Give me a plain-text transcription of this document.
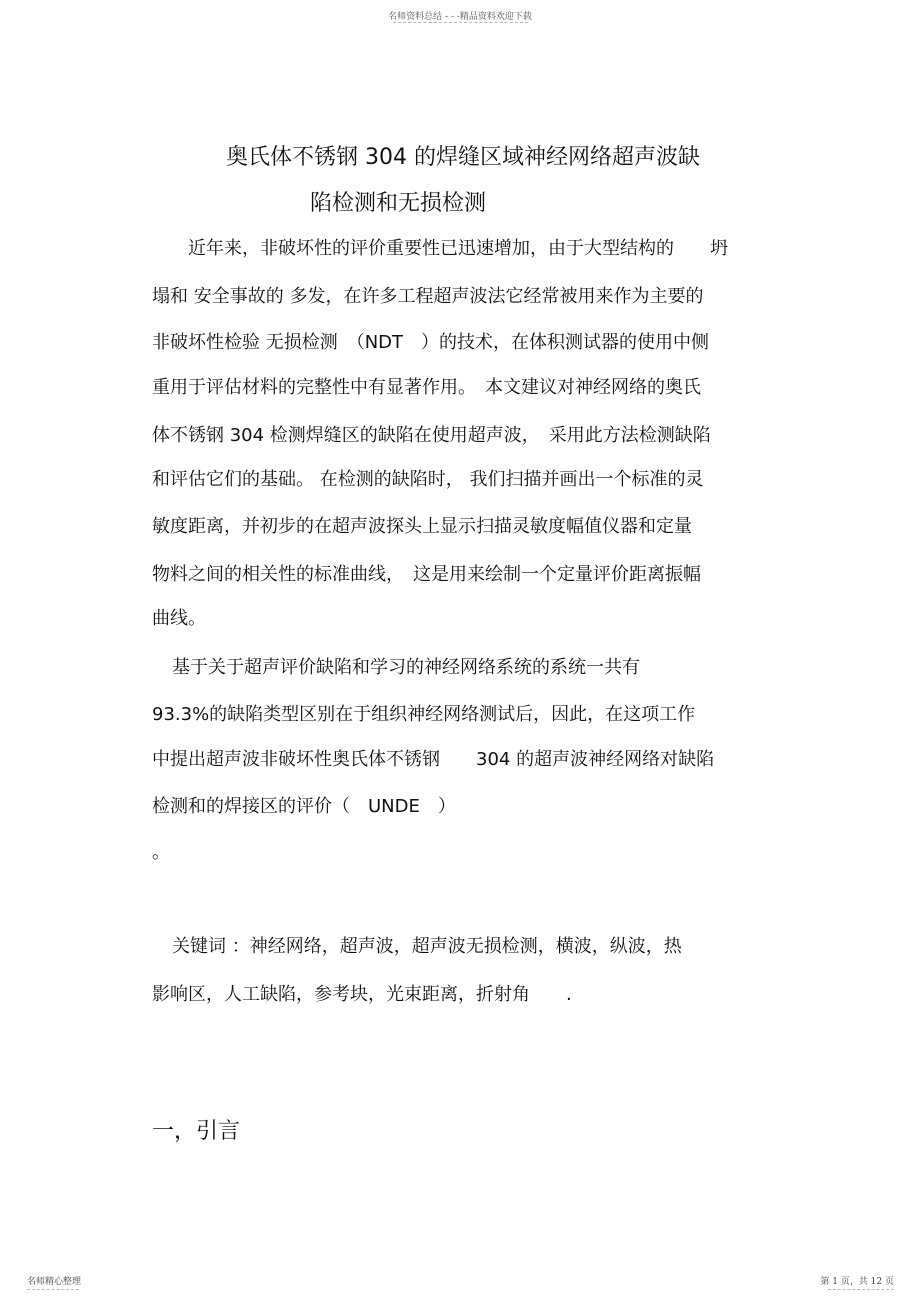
名师资料总结 - - -精品资料欢迎下载
奥氏体不锈钢 304 的焊缝区域神经网络超声波缺
陷检测和无损检测
近年来，非破坏性的评价重要性已迅速增加，由于大型结构的　　坍
塌和 安全事故的 多发，在许多工程超声波法它经常被用来作为主要的
非破坏性检验 无损检测　（NDT　）的技术，在体积测试器的使用中侧
重用于评估材料的完整性中有显著作用。　本文建议对神经网络的奥氏
体不锈钢 304 检测焊缝区的缺陷在使用超声波，　采用此方法检测缺陷
和评估它们的基础。 在检测的缺陷时， 我们扫描并画出一个标准的灵
敏度距离，并初步的在超声波探头上显示扫描灵敏度幅值仪器和定量
物料之间的相关性的标准曲线，　这是用来绘制一个定量评价距离振幅
曲线。
基于关于超声评价缺陷和学习的神经网络系统的系统一共有
93.3%的缺陷类型区别在于组织神经网络测试后，因此，在这项工作
中提出超声波非破坏性奥氏体不锈钢　　304 的超声波神经网络对缺陷
检测和的焊接区的评价（　UNDE　）
。
关键词 ：神经网络，超声波，超声波无损检测，横波，纵波，热
影响区，人工缺陷，参考块，光束距离，折射角　　.
一，引言
名师精心整理	第 1 页，共 12 页
